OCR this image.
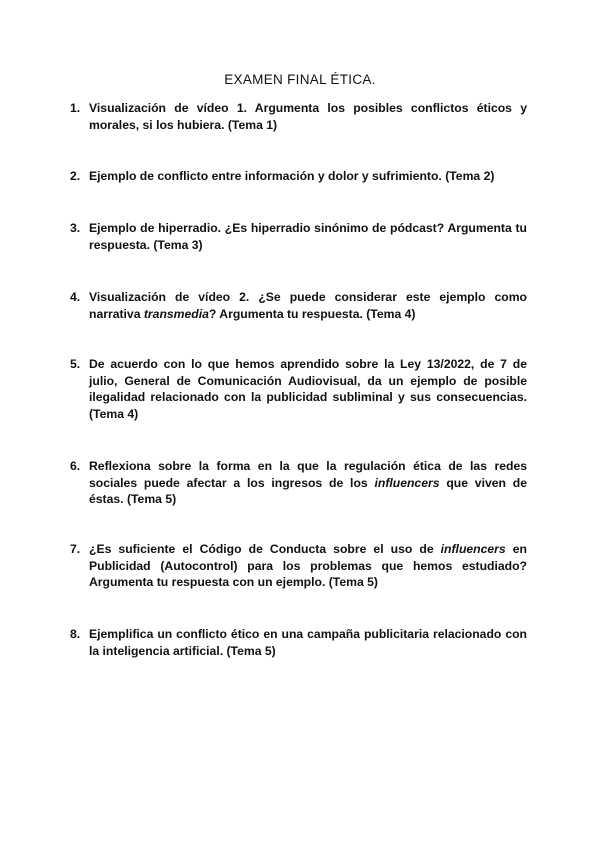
EXAMEN FINAL ÉTICA.
1. Visualización de vídeo 1. Argumenta los posibles conflictos éticos y morales, si los hubiera. (Tema 1)
2. Ejemplo de conflicto entre información y dolor y sufrimiento. (Tema 2)
3. Ejemplo de hiperradio. ¿Es hiperradio sinónimo de pódcast? Argumenta tu respuesta. (Tema 3)
4. Visualización de vídeo 2. ¿Se puede considerar este ejemplo como narrativa transmedia? Argumenta tu respuesta. (Tema 4)
5. De acuerdo con lo que hemos aprendido sobre la Ley 13/2022, de 7 de julio, General de Comunicación Audiovisual, da un ejemplo de posible ilegalidad relacionado con la publicidad subliminal y sus consecuencias. (Tema 4)
6. Reflexiona sobre la forma en la que la regulación ética de las redes sociales puede afectar a los ingresos de los influencers que viven de éstas. (Tema 5)
7. ¿Es suficiente el Código de Conducta sobre el uso de influencers en Publicidad (Autocontrol) para los problemas que hemos estudiado? Argumenta tu respuesta con un ejemplo. (Tema 5)
8. Ejemplifica un conflicto ético en una campaña publicitaria relacionado con la inteligencia artificial. (Tema 5)
